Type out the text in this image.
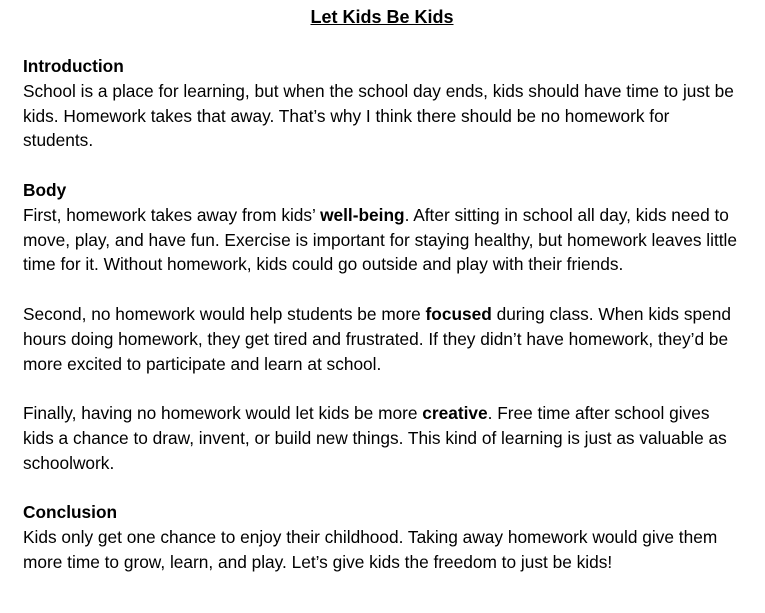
Let Kids Be Kids
Introduction

School is a place for learning, but when the school day ends, kids should have time to just be kids. Homework takes that away. That’s why I think there should be no homework for students.

Body

First, homework takes away from kids’ well-being. After sitting in school all day, kids need to move, play, and have fun. Exercise is important for staying healthy, but homework leaves little time for it. Without homework, kids could go outside and play with their friends.

Second, no homework would help students be more focused during class. When kids spend hours doing homework, they get tired and frustrated. If they didn’t have homework, they’d be more excited to participate and learn at school.

Finally, having no homework would let kids be more creative. Free time after school gives kids a chance to draw, invent, or build new things. This kind of learning is just as valuable as schoolwork.

Conclusion

Kids only get one chance to enjoy their childhood. Taking away homework would give them more time to grow, learn, and play. Let’s give kids the freedom to just be kids!
